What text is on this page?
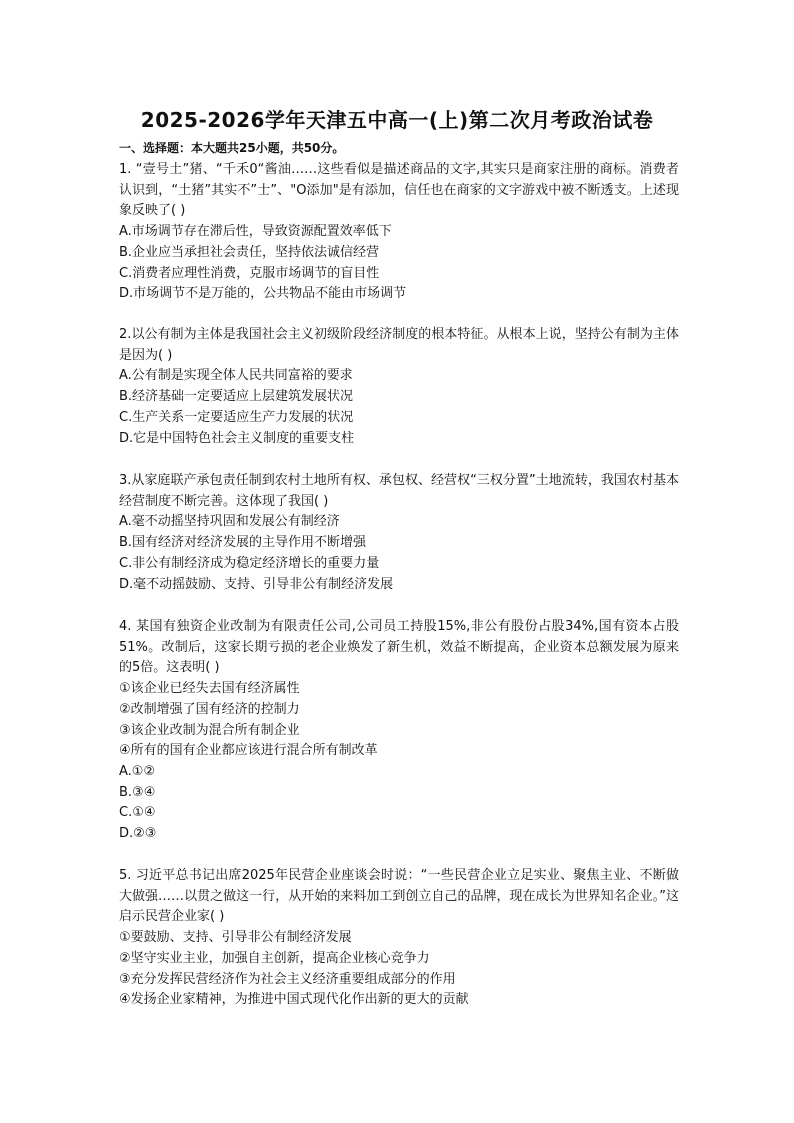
2025-2026学年天津五中高一(上)第二次月考政治试卷
一、选择题：本大题共25小题，共50分。

1. “壹号土”猪、“千禾0“酱油……这些看似是描述商品的文字,其实只是商家注册的商标。消费者认识到，“土猪”其实不”士”、"O添加"是有添加，信任也在商家的文字游戏中被不断透支。上述现象反映了( )

A.市场调节存在滞后性，导致资源配置效率低下

B.企业应当承担社会责任，坚持依法诚信经营

C.消费者应理性消费，克服市场调节的盲目性

D.市场调节不是万能的，公共物品不能由市场调节

2.以公有制为主体是我国社会主义初级阶段经济制度的根本特征。从根本上说，坚持公有制为主体是因为( )

A.公有制是实现全体人民共同富裕的要求

B.经济基础一定要适应上层建筑发展状况

C.生产关系一定要适应生产力发展的状况

D.它是中国特色社会主义制度的重要支柱

3.从家庭联产承包责任制到农村土地所有权、承包权、经营权“三权分置”土地流转，我国农村基本经营制度不断完善。这体现了我国( )

A.毫不动摇坚持巩固和发展公有制经济

B.国有经济对经济发展的主导作用不断增强

C.非公有制经济成为稳定经济增长的重要力量

D.毫不动摇鼓励、支持、引导非公有制经济发展

4. 某国有独资企业改制为有限责任公司,公司员工持股15%,非公有股份占股34%,国有资本占股51%。改制后，这家长期亏损的老企业焕发了新生机，效益不断提高，企业资本总额发展为原来的5倍。这表明( )

①该企业已经失去国有经济属性

②改制增强了国有经济的控制力

③该企业改制为混合所有制企业

④所有的国有企业都应该进行混合所有制改革

A.①②

B.③④

C.①④

D.②③

5. 习近平总书记出席2025年民营企业座谈会时说：“一些民营企业立足实业、聚焦主业、不断做大做强……以贯之做这一行，从开始的来料加工到创立自己的品牌，现在成长为世界知名企业。”这启示民营企业家( )

①要鼓励、支持、引导非公有制经济发展

②坚守实业主业，加强自主创新，提高企业核心竞争力

③充分发挥民营经济作为社会主义经济重要组成部分的作用

④发扬企业家精神，为推进中国式现代化作出新的更大的贡献
